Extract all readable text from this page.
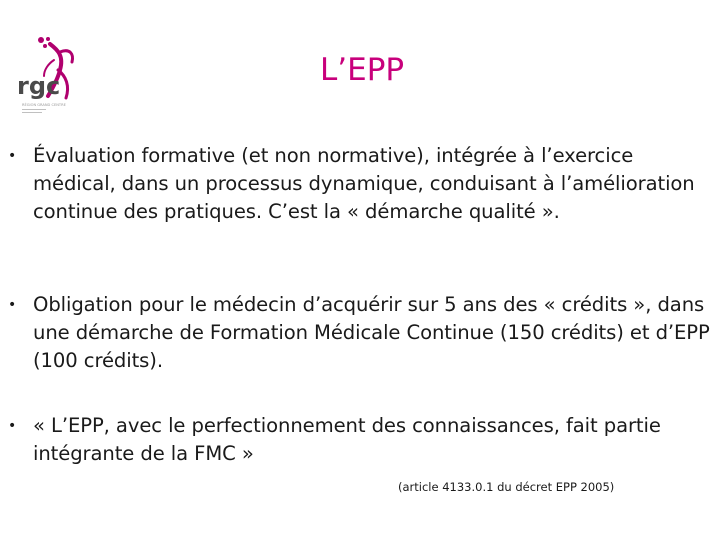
rgc
RÉGION GRAND CENTRE
L’EPP
• Évaluation formative (et non normative), intégrée à l’exercice médical, dans un processus dynamique, conduisant à l’amélioration continue des pratiques. C’est la « démarche qualité ».
• Obligation pour le médecin d’acquérir sur 5 ans des « crédits », dans une démarche de Formation Médicale Continue (150 crédits) et d’EPP (100 crédits).
• « L’EPP, avec le perfectionnement des connaissances, fait partie intégrante de la FMC »
(article 4133.0.1 du décret EPP 2005)
